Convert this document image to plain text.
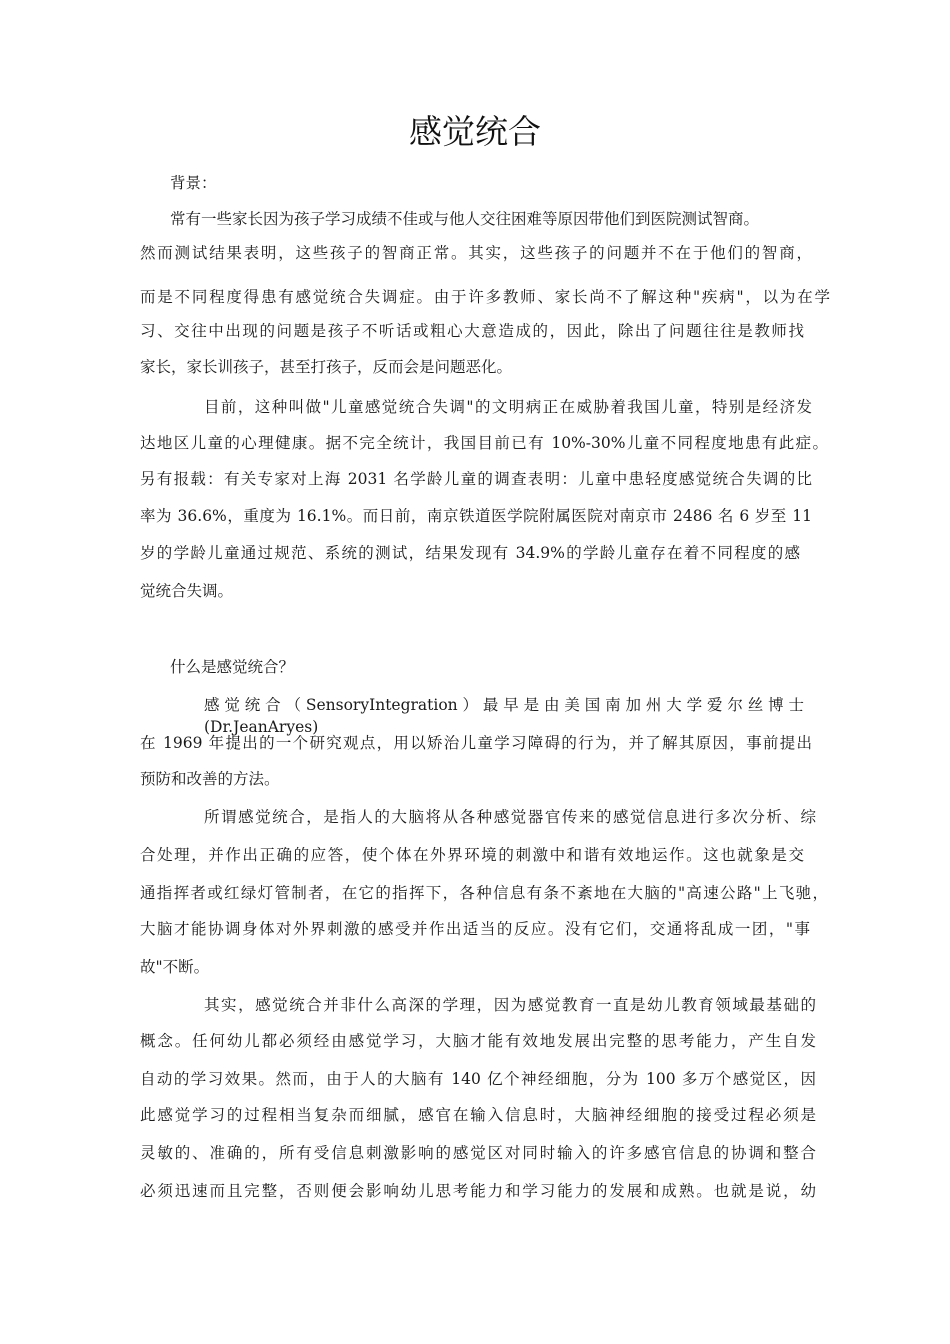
感觉统合

背景：

常有一些家长因为孩子学习成绩不佳或与他人交往困难等原因带他们到医院测试智商。

然而测试结果表明，这些孩子的智商正常。其实，这些孩子的问题并不在于他们的智商，

而是不同程度得患有感觉统合失调症。由于许多教师、家长尚不了解这种"疾病"，以为在学

习、交往中出现的问题是孩子不听话或粗心大意造成的，因此，除出了问题往往是教师找

家长，家长训孩子，甚至打孩子，反而会是问题恶化。

目前，这种叫做"儿童感觉统合失调"的文明病正在威胁着我国儿童，特别是经济发

达地区儿童的心理健康。据不完全统计，我国目前已有 10%-30%儿童不同程度地患有此症。

另有报载：有关专家对上海 2031 名学龄儿童的调查表明：儿童中患轻度感觉统合失调的比

率为 36.6%，重度为 16.1%。而日前，南京铁道医学院附属医院对南京市 2486 名 6 岁至 11

岁的学龄儿童通过规范、系统的测试，结果发现有 34.9%的学龄儿童存在着不同程度的感

觉统合失调。

什么是感觉统合？

感觉统合（SensoryIntegration）最早是由美国南加州大学爱尔丝博士(Dr.JeanAryes)

在 1969 年提出的一个研究观点，用以矫治儿童学习障碍的行为，并了解其原因，事前提出

预防和改善的方法。

所谓感觉统合，是指人的大脑将从各种感觉器官传来的感觉信息进行多次分析、综

合处理，并作出正确的应答，使个体在外界环境的刺激中和谐有效地运作。这也就象是交

通指挥者或红绿灯管制者，在它的指挥下，各种信息有条不紊地在大脑的"高速公路"上飞驰，

大脑才能协调身体对外界刺激的感受并作出适当的反应。没有它们，交通将乱成一团，"事

故"不断。

其实，感觉统合并非什么高深的学理，因为感觉教育一直是幼儿教育领域最基础的

概念。任何幼儿都必须经由感觉学习，大脑才能有效地发展出完整的思考能力，产生自发

自动的学习效果。然而，由于人的大脑有 140 亿个神经细胞，分为 100 多万个感觉区，因

此感觉学习的过程相当复杂而细腻，感官在输入信息时，大脑神经细胞的接受过程必须是

灵敏的、准确的，所有受信息刺激影响的感觉区对同时输入的许多感官信息的协调和整合

必须迅速而且完整，否则便会影响幼儿思考能力和学习能力的发展和成熟。也就是说，幼
